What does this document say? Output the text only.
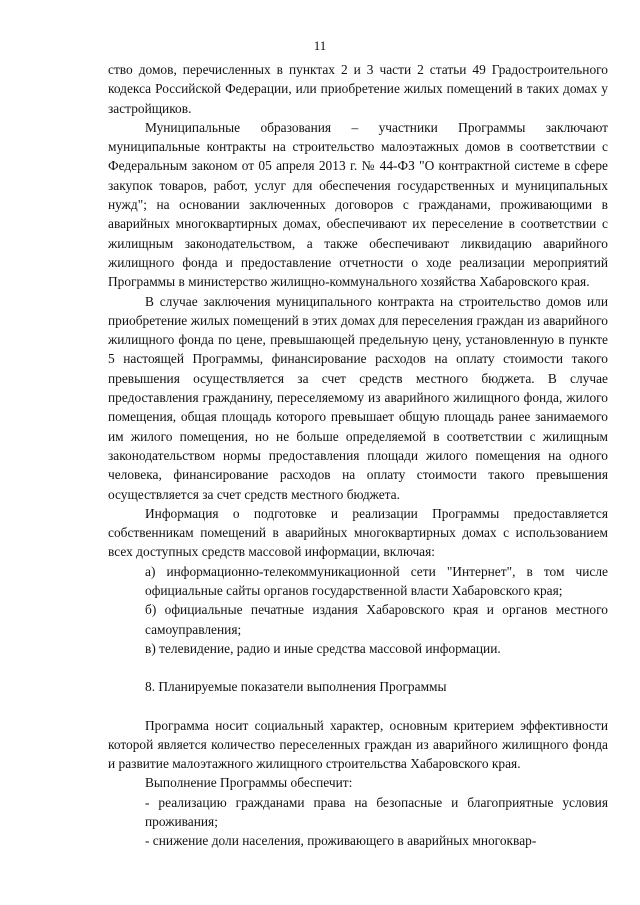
11

ство домов, перечисленных в пунктах 2 и 3 части 2 статьи 49 Градостроительного кодекса Российской Федерации, или приобретение жилых помещений в таких домах у застройщиков.

Муниципальные образования – участники Программы заключают муниципальные контракты на строительство малоэтажных домов в соответствии с Федеральным законом от 05 апреля 2013 г. № 44-ФЗ "О контрактной системе в сфере закупок товаров, работ, услуг для обеспечения государственных и муниципальных нужд"; на основании заключенных договоров с гражданами, проживающими в аварийных многоквартирных домах, обеспечивают их переселение в соответствии с жилищным законодательством, а также обеспечивают ликвидацию аварийного жилищного фонда и предоставление отчетности о ходе реализации мероприятий Программы в министерство жилищно-коммунального хозяйства Хабаровского края.

В случае заключения муниципального контракта на строительство домов или приобретение жилых помещений в этих домах для переселения граждан из аварийного жилищного фонда по цене, превышающей предельную цену, установленную в пункте 5 настоящей Программы, финансирование расходов на оплату стоимости такого превышения осуществляется за счет средств местного бюджета. В случае предоставления гражданину, переселяемому из аварийного жилищного фонда, жилого помещения, общая площадь которого превышает общую площадь ранее занимаемого им жилого помещения, но не больше определяемой в соответствии с жилищным законодательством нормы предоставления площади жилого помещения на одного человека, финансирование расходов на оплату стоимости такого превышения осуществляется за счет средств местного бюджета.

Информация о подготовке и реализации Программы предоставляется собственникам помещений в аварийных многоквартирных домах с использованием всех доступных средств массовой информации, включая:

а) информационно-телекоммуникационной сети "Интернет", в том числе официальные сайты органов государственной власти Хабаровского края;

б) официальные печатные издания Хабаровского края и органов местного самоуправления;

в) телевидение, радио и иные средства массовой информации.

8. Планируемые показатели выполнения Программы

Программа носит социальный характер, основным критерием эффективности которой является количество переселенных граждан из аварийного жилищного фонда и развитие малоэтажного жилищного строительства Хабаровского края.

Выполнение Программы обеспечит:

- реализацию гражданами права на безопасные и благоприятные условия проживания;

- снижение доли населения, проживающего в аварийных многоквар-
